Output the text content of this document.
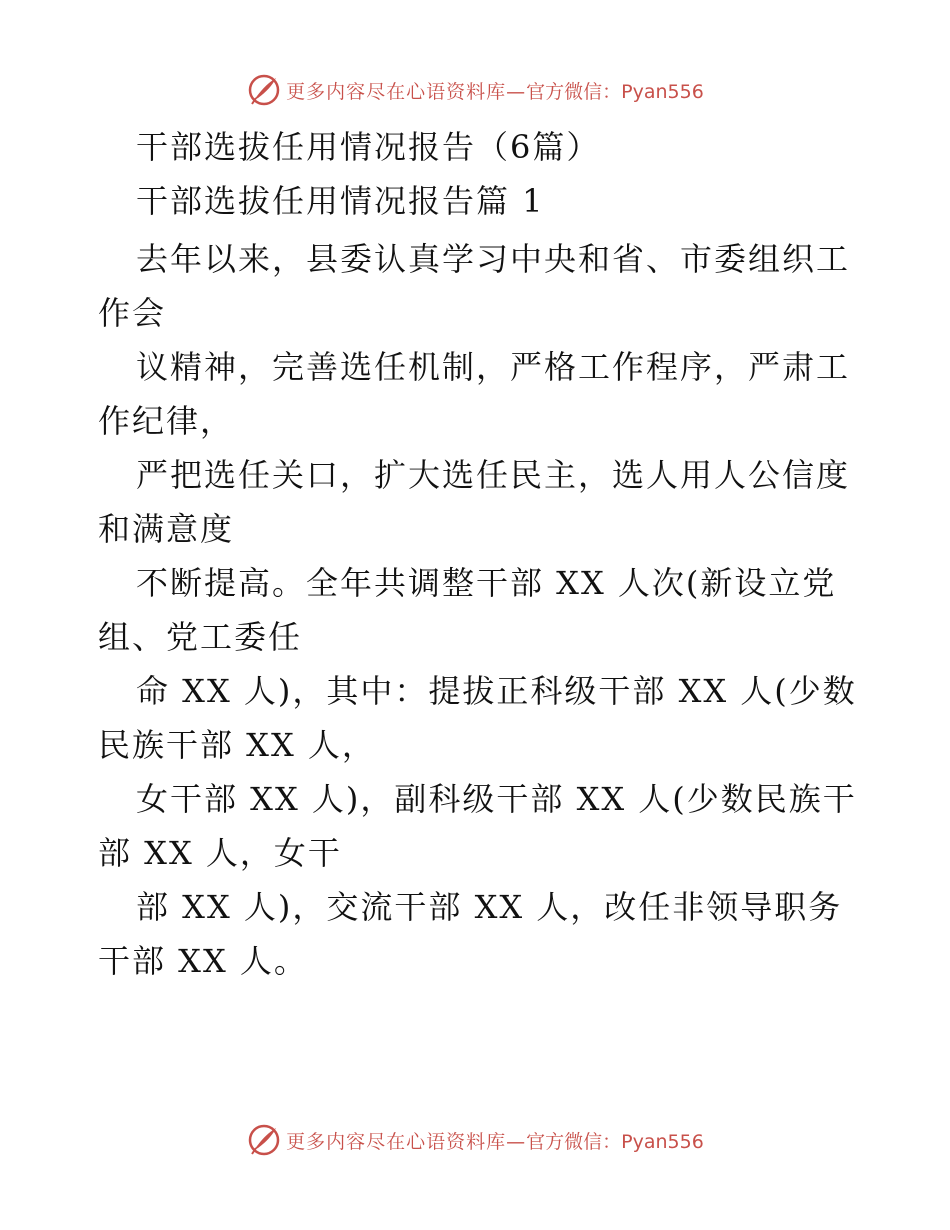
更多内容尽在心语资料库— 官方微信：Pyan556
干部选拔任用情况报告（6篇）
干部选拔任用情况报告篇 1
去年以来，县委认真学习中央和省、市委组织工
作会
议精神，完善选任机制，严格工作程序，严肃工
作纪律，
严把选任关口，扩大选任民主，选人用人公信度
和满意度
不断提高。全年共调整干部 XX 人次(新设立党
组、党工委任
命 XX 人)，其中：提拔正科级干部 XX 人(少数
民族干部 XX 人，
女干部 XX 人)，副科级干部 XX 人(少数民族干
部 XX 人，女干
部 XX 人)，交流干部 XX 人，改任非领导职务
干部 XX 人。
更多内容尽在心语资料库— 官方微信：Pyan556
